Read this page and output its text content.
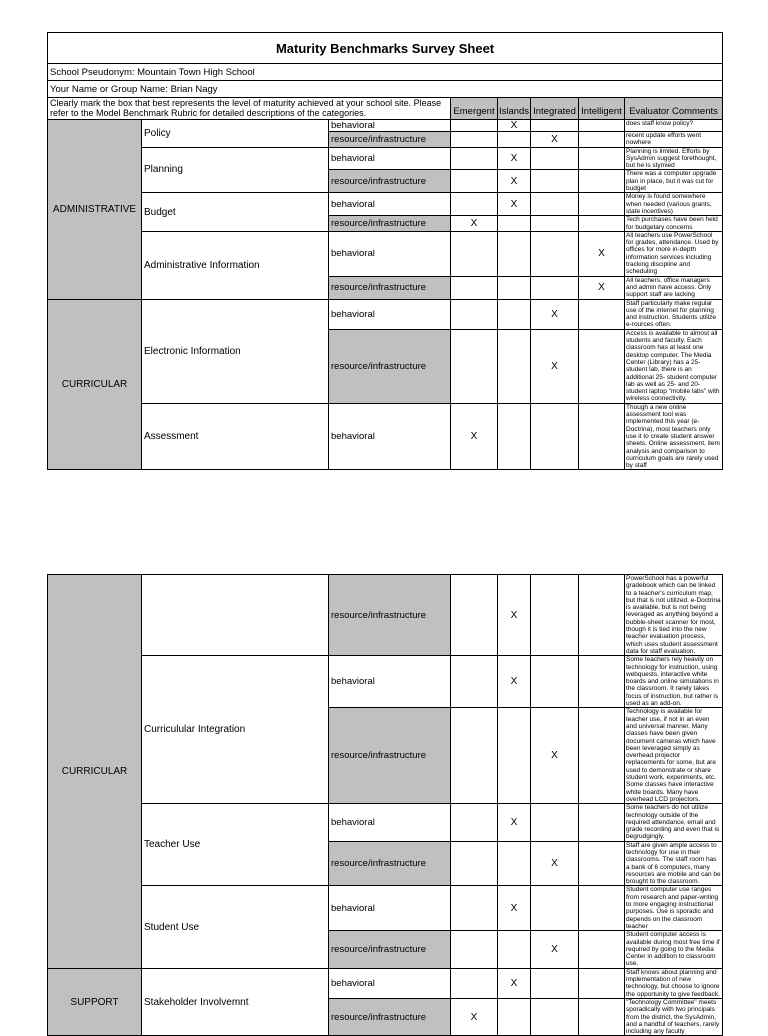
Maturity Benchmarks Survey Sheet							
School Pseudonym: Mountain Town High School							
Your Name or Group Name: Brian Nagy							
Clearly mark the box that best represents the level of maturity achieved at your school site. Please refer to the Model Benchmark Rubric for detailed descriptions of the categories.			Emergent	Islands	Integrated	Intelligent	Evaluator Comments
ADMINISTRATIVE	Policy	behavioral		X			does staff know policy?
		resource/infrastructure			X		recent update efforts went nowhere
	Planning	behavioral		X			Planning is limited. Efforts by SysAdmin suggest forethought, but he is stymied
		resource/infrastructure		X			There was a computer upgrade plan in place, but it was cut for budget
	Budget	behavioral		X			Money is found somewhere when needed (various grants, state incentives)
		resource/infrastructure	X				Tech purchases have been held for budgetary concerns
	Administrative Information	behavioral				X	All teachers use PowerSchool for grades, attendance. Used by offices for more in-depth information services including tracking discipline and scheduling
		resource/infrastructure				X	All teachers, office managers and admin have access. Only support staff are lacking
CURRICULAR	Electronic Information	behavioral			X		Staff particularly make regular use of the internet for planning and instruction. Students utilize e-rources often.
		resource/infrastructure			X		Access is available to almost all students and faculty. Each classroom has at least one desktop computer. The Media Center (Library) has a 25-student lab, there is an additional 25- student computer lab as well as 25- and 20-student laptop "mobile labs" with wireless connectivity.
	Assessment	behavioral	X				Though a new online assessment tool was implemented this year (e-Doctrina), most teachers only use it to create student answer sheets. Online assessment, item analysis and comparison to curriculum goals are rarely used by staff
CURRICULAR		resource/infrastructure		X			PowerSchool has a powerful gradebook which can be linked to a teacher's curriculum map, but that is not utilized. e-Doctrina is available, but is not being leveraged as anything beyond a bubble-sheet scanner for most, though it is tied into the new teacher evaluation process, which uses student assessment data for staff evaluation.
	Curriculular Integration	behavioral		X			Some teachers rely heavily on technology for instruction, using webquests, interactive white boards and online simulations in the classroom. It rarely takes focus of instruction, but rather is used as an add-on.
		resource/infrastructure			X		Technology is available for teacher use, if not in an even and universal manner. Many classes have been given document cameras which have been leveraged simply as overhead projector replacements for some, but are used to demonstrate or share student work, experiments, etc. Some classes have interactive white boards. Many have overhead LCD projectors.
	Teacher Use	behavioral		X			Some teachers do not utilize technology outside of the required attendance, email and grade recording and even that is begrudgingly.
		resource/infrastructure			X		Staff are given ample access to technology for use in their classrooms. The staff room has a bank of 6 computers, many resources are mobile and can be brought to the classroom.
	Student Use	behavioral		X			Student computer use ranges from research and paper-writing to more engaging instructional purposes. Use is sporadic and depends on the classroom teacher
		resource/infrastructure			X		Student computer access is available during most free time if required by going to the Media Center in addition to classroom use.
SUPPORT	Stakeholder Involvemnt	behavioral		X			Staff knows about planning and implementation of new technology, but choose to ignore the opportunity to give feedback.
		resource/infrastructure	X				"Technology Committee" meets sporadically with two principals from the district, the SysAdmin, and a handful of teachers, rarely including any faculty
